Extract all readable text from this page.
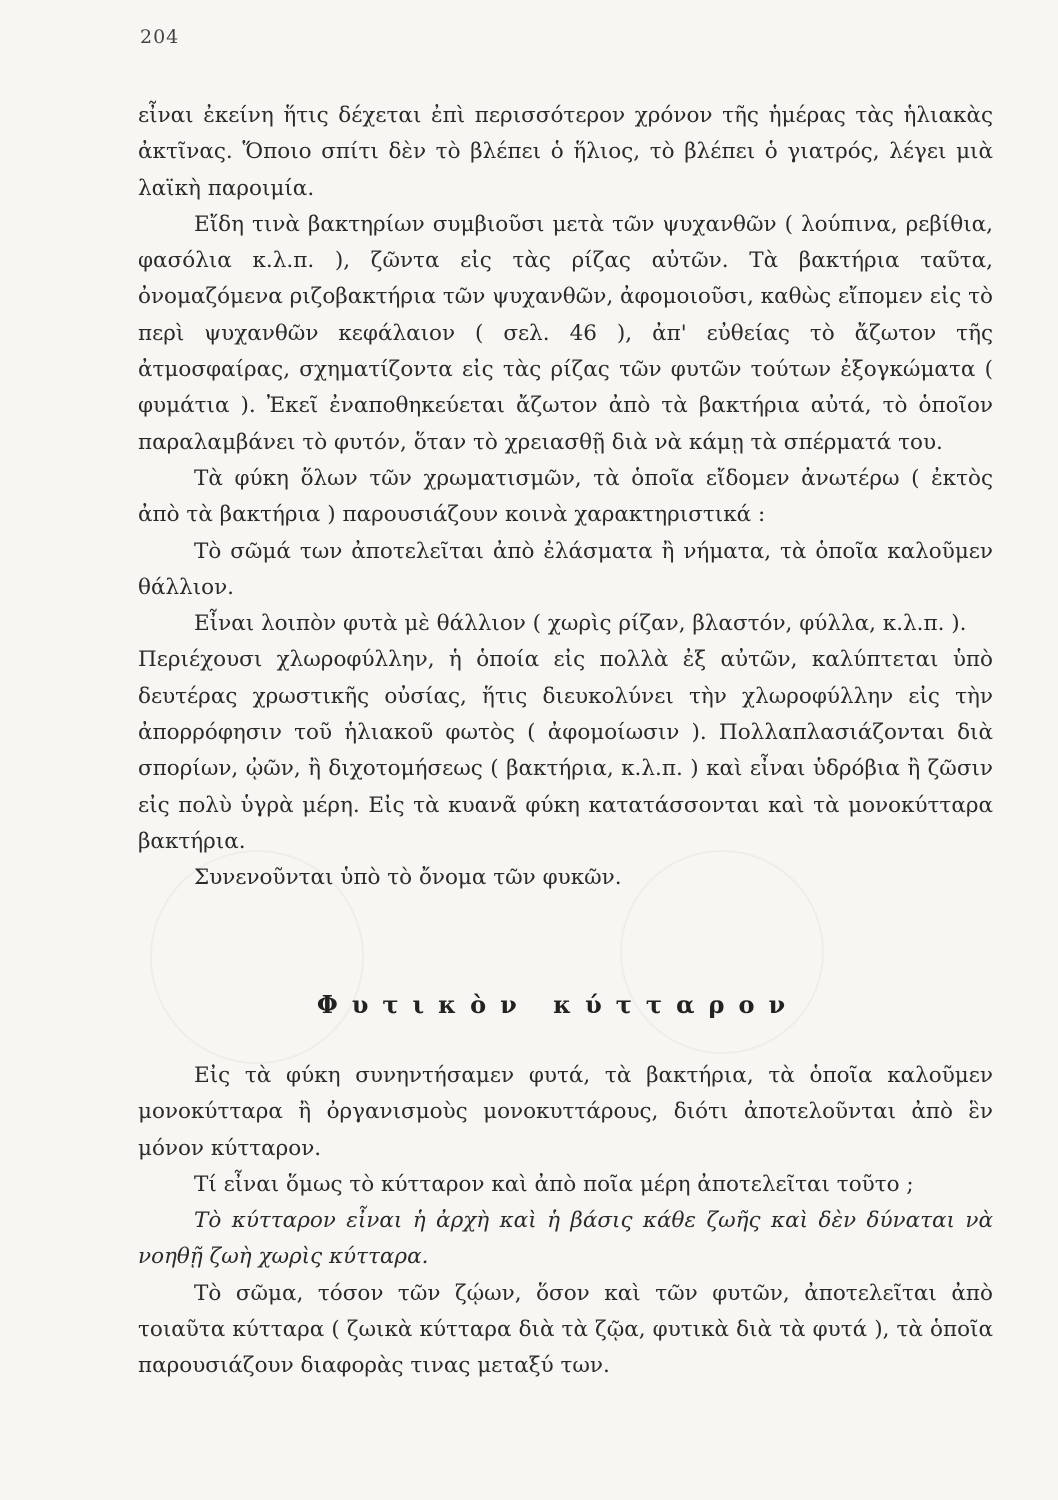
204

εἶναι ἐκείνη ἥτις δέχεται ἐπὶ περισσότερον χρόνον τῆς ἡμέρας τὰς ἡλιακὰς ἀκτῖνας. Ὅποιο σπίτι δὲν τὸ βλέπει ὁ ἥλιος, τὸ βλέπει ὁ γιατρός, λέγει μιὰ λαϊκὴ παροιμία.

Εἴδη τινὰ βακτηρίων συμβιοῦσι μετὰ τῶν ψυχανθῶν ( λούπινα, ρεβίθια, φασόλια κ.λ.π. ), ζῶντα εἰς τὰς ρίζας αὐτῶν. Τὰ βακτήρια ταῦτα, ὀνομαζόμενα ριζοβακτήρια τῶν ψυχανθῶν, ἀφομοιοῦσι, καθὼς εἴπομεν εἰς τὸ περὶ ψυχανθῶν κεφάλαιον ( σελ. 46 ), ἀπ' εὐθείας τὸ ἄζωτον τῆς ἀτμοσφαίρας, σχηματίζοντα εἰς τὰς ρίζας τῶν φυτῶν τούτων ἐξογκώματα ( φυμάτια ). Ἐκεῖ ἐναποθηκεύεται ἄζωτον ἀπὸ τὰ βακτήρια αὐτά, τὸ ὁποῖον παραλαμβάνει τὸ φυτόν, ὅταν τὸ χρειασθῇ διὰ νὰ κάμῃ τὰ σπέρματά του.

Τὰ φύκη ὅλων τῶν χρωματισμῶν, τὰ ὁποῖα εἴδομεν ἀνωτέρω ( ἐκτὸς ἀπὸ τὰ βακτήρια ) παρουσιάζουν κοινὰ χαρακτηριστικά :

Τὸ σῶμά των ἀποτελεῖται ἀπὸ ἐλάσματα ἢ νήματα, τὰ ὁποῖα καλοῦμεν θάλλιον.

Εἶναι λοιπὸν φυτὰ μὲ θάλλιον ( χωρὶς ρίζαν, βλαστόν, φύλλα, κ.λ.π. ).

Περιέχουσι χλωροφύλλην, ἡ ὁποία εἰς πολλὰ ἐξ αὐτῶν, καλύπτεται ὑπὸ δευτέρας χρωστικῆς οὐσίας, ἥτις διευκολύνει τὴν χλωροφύλλην εἰς τὴν ἀπορρόφησιν τοῦ ἡλιακοῦ φωτὸς ( ἀφομοίωσιν ). Πολλαπλασιάζονται διὰ σπορίων, ᾠῶν, ἢ διχοτομήσεως ( βακτήρια, κ.λ.π. ) καὶ εἶναι ὑδρόβια ἢ ζῶσιν εἰς πολὺ ὑγρὰ μέρη. Εἰς τὰ κυανᾶ φύκη κατατάσσονται καὶ τὰ μονοκύτταρα βακτήρια.

Συνενοῦνται ὑπὸ τὸ ὄνομα τῶν φυκῶν.

Φυτικὸν κύτταρον

Εἰς τὰ φύκη συνηντήσαμεν φυτά, τὰ βακτήρια, τὰ ὁποῖα καλοῦμεν μονοκύτταρα ἢ ὀργανισμοὺς μονοκυττάρους, διότι ἀποτελοῦνται ἀπὸ ἓν μόνον κύτταρον.

Τί εἶναι ὅμως τὸ κύτταρον καὶ ἀπὸ ποῖα μέρη ἀποτελεῖται τοῦτο ;

Τὸ κύτταρον εἶναι ἡ ἀρχὴ καὶ ἡ βάσις κάθε ζωῆς καὶ δὲν δύναται νὰ νοηθῇ ζωὴ χωρὶς κύτταρα.

Τὸ σῶμα, τόσον τῶν ζῴων, ὅσον καὶ τῶν φυτῶν, ἀποτελεῖται ἀπὸ τοιαῦτα κύτταρα ( ζωικὰ κύτταρα διὰ τὰ ζῷα, φυτικὰ διὰ τὰ φυτά ), τὰ ὁποῖα παρουσιάζουν διαφορὰς τινας μεταξύ των.
